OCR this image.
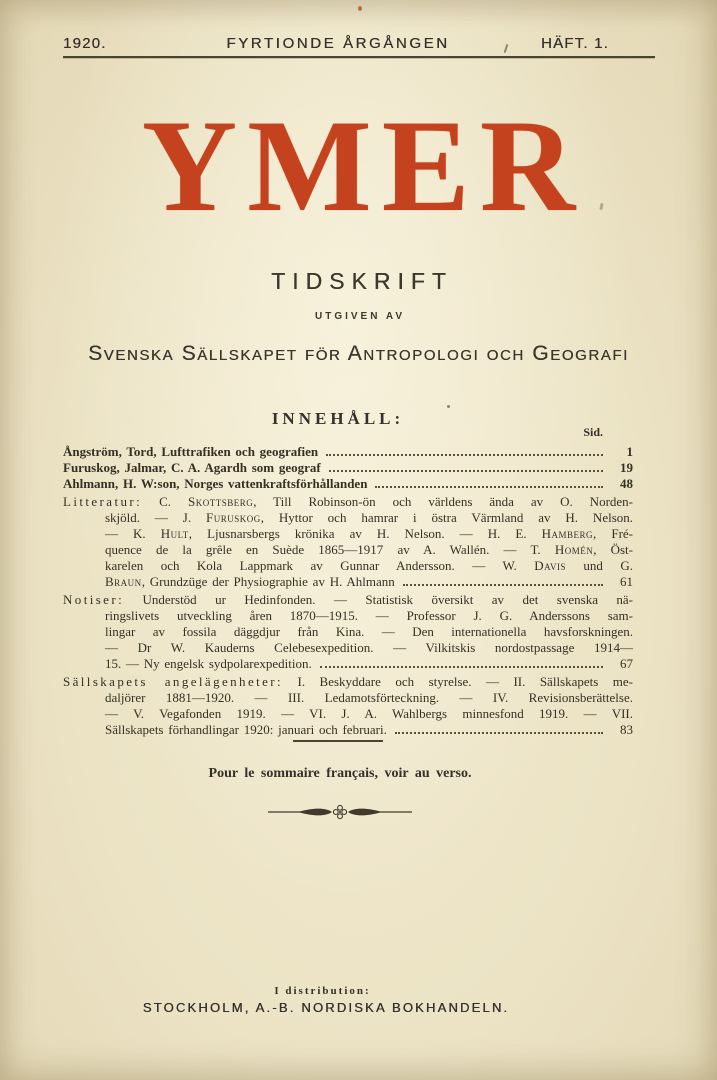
1920.	FYRTIONDE ÅRGÅNGEN	HÄFT. 1.
YMER
TIDSKRIFT
UTGIVEN AV
Svenska Sällskapet för Antropologi och Geografi
INNEHÅLL:
Sid.
Ångström, Tord, Lufttrafiken och geografien	1
Furuskog, Jalmar, C. A. Agardh som geograf	19
Ahlmann, H. W:son, Norges vattenkraftsförhållanden	48
Litteratur: C. Skottsberg, Till Robinson-ön och världens ända av O. Norden-
skjöld. — J. Furuskog, Hyttor och hamrar i östra Värmland av H. Nelson.
— K. Hult, Ljusnarsbergs krönika av H. Nelson. — H. E. Hamberg, Fré-
quence de la grêle en Suède 1865—1917 av A. Wallén. — T. Homén, Öst-
karelen och Kola Lappmark av Gunnar Andersson. — W. Davis und G.
Braun, Grundzüge der Physiographie av H. Ahlmann	61
Notiser: Understöd ur Hedinfonden. — Statistisk översikt av det svenska nä-
ringslivets utveckling åren 1870—1915. — Professor J. G. Anderssons sam-
lingar av fossila däggdjur från Kina. — Den internationella havsforskningen.
— Dr W. Kauderns Celebesexpedition. — Vilkitskis nordostpassage 1914—
15. — Ny engelsk sydpolarexpedition.	67
Sällskapets angelägenheter: I. Beskyddare och styrelse. — II. Sällskapets me-
daljörer 1881—1920. — III. Ledamotsförteckning. — IV. Revisionsberättelse.
— V. Vegafonden 1919. — VI. J. A. Wahlbergs minnesfond 1919. — VII.
Sällskapets förhandlingar 1920: januari och februari.	83
Pour le sommaire français, voir au verso.
I distribution:
STOCKHOLM, A.-B. NORDISKA BOKHANDELN.
